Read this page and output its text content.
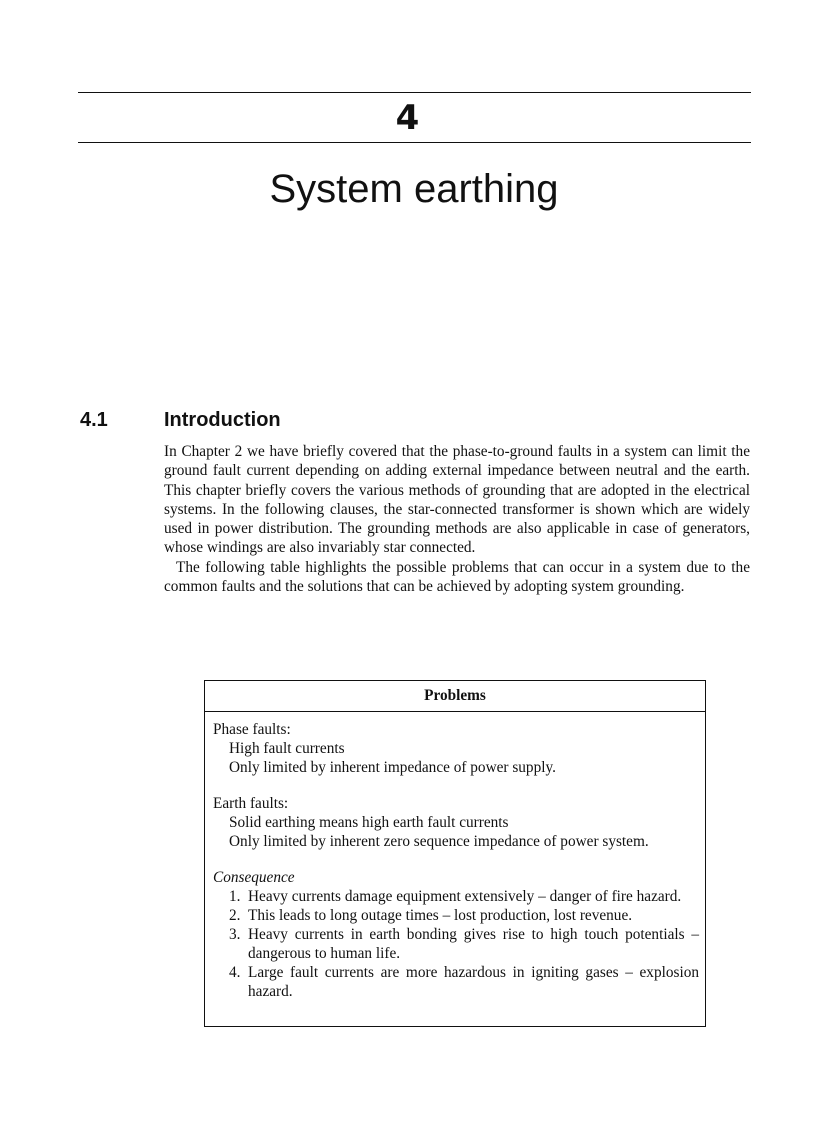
4
System earthing
4.1	Introduction

In Chapter 2 we have briefly covered that the phase-to-ground faults in a system can limit the ground fault current depending on adding external impedance between neutral and the earth. This chapter briefly covers the various methods of grounding that are adopted in the electrical systems. In the following clauses, the star-connected transformer is shown which are widely used in power distribution. The grounding methods are also applicable in case of generators, whose windings are also invariably star connected.

The following table highlights the possible problems that can occur in a system due to the common faults and the solutions that can be achieved by adopting system grounding.

Problems

Phase faults:

High fault currents

Only limited by inherent impedance of power supply.

Earth faults:

Solid earthing means high earth fault currents

Only limited by inherent zero sequence impedance of power system.

Consequence

1. Heavy currents damage equipment extensively – danger of fire hazard.
2. This leads to long outage times – lost production, lost revenue.
3. Heavy currents in earth bonding gives rise to high touch potentials – dangerous to human life.
4. Large fault currents are more hazardous in igniting gases – explosion hazard.
